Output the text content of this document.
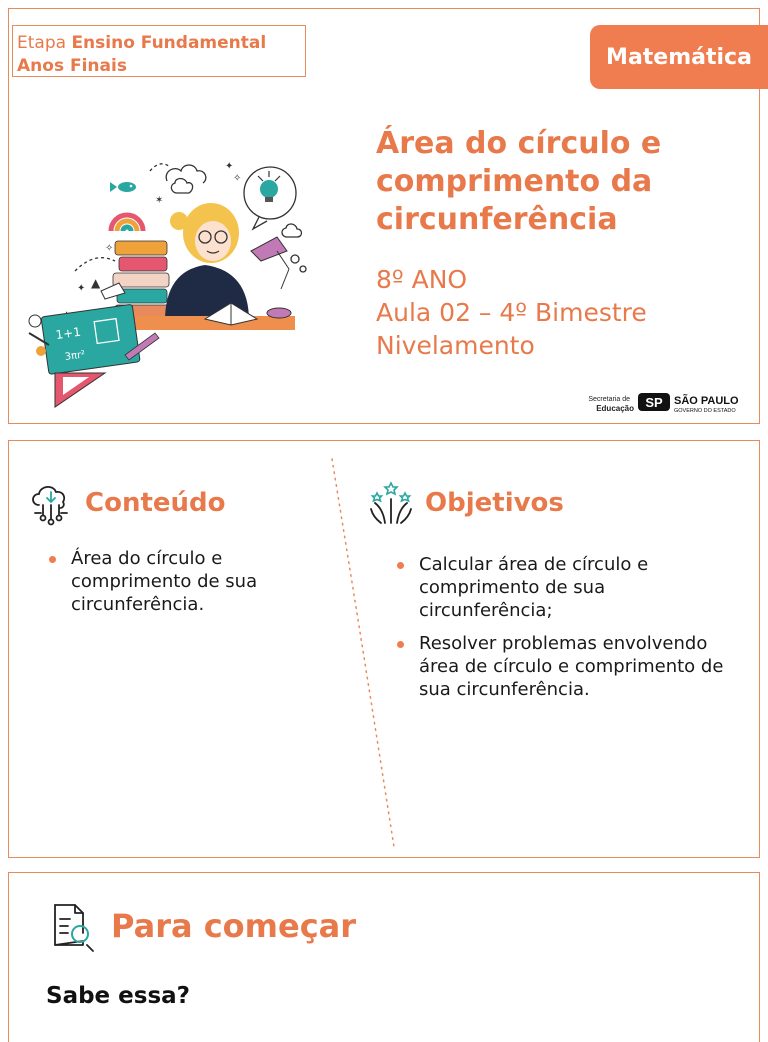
Etapa Ensino Fundamental
Anos Finais	Matemática
Área do círculo e
comprimento da
circunferência
8º ANO
Aula 02 – 4º Bimestre
Nivelamento
✦
✧
✧
✶
✦
1+1
3πr²
▲
Secretaria de
Educação SP SÃO PAULO
GOVERNO DO ESTADO
Conteúdo
Área do círculo e comprimento de sua circunferência.
Objetivos
Calcular área de círculo e comprimento de sua circunferência;
Resolver problemas envolvendo área de círculo e comprimento de sua circunferência.
Para começar
Sabe essa?
